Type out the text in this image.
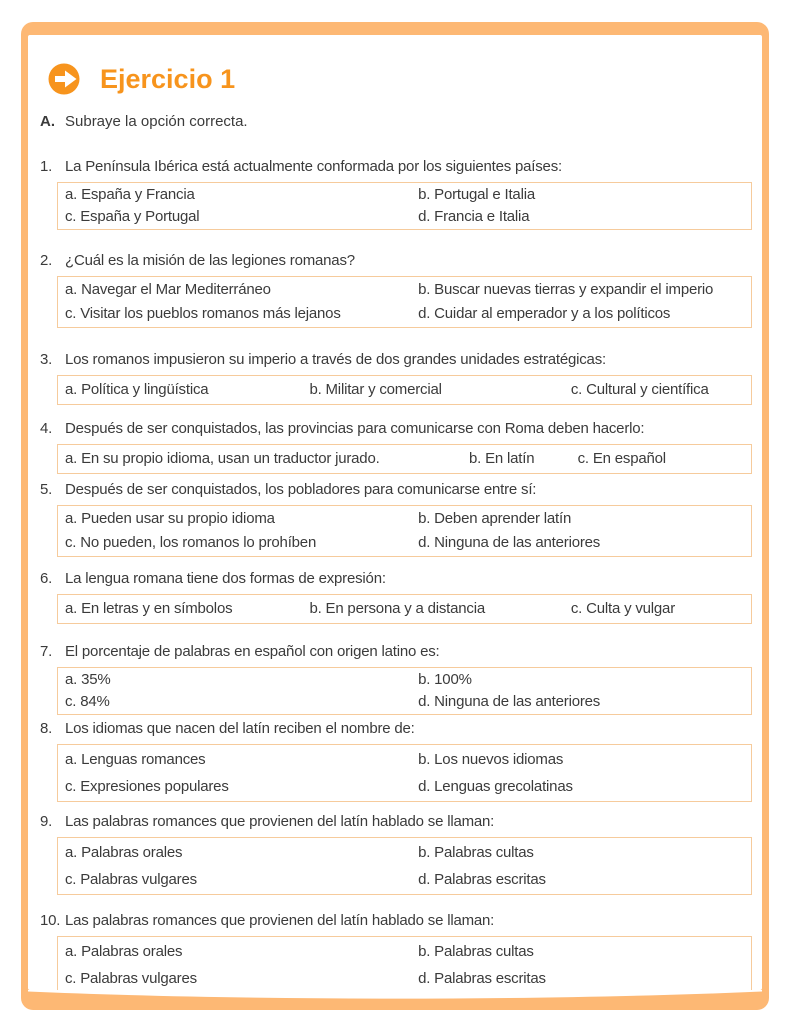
Ejercicio 1
A. Subraye la opción correcta.
1. La Península Ibérica está actualmente conformada por los siguientes países:
a. España y Francia	b. Portugal e Italia
c. España y Portugal	d. Francia e Italia
2. ¿Cuál es la misión de las legiones romanas?
a. Navegar el Mar Mediterráneo	b. Buscar nuevas tierras y expandir el imperio
c. Visitar los pueblos romanos más lejanos	d. Cuidar al emperador y a los políticos
3. Los romanos impusieron su imperio a través de dos grandes unidades estratégicas:
a. Política y lingüística	b. Militar y comercial	c. Cultural y científica
4. Después de ser conquistados, las provincias para comunicarse con Roma deben hacerlo:
a. En su propio idioma, usan un traductor jurado.	b. En latín	c. En español
5. Después de ser conquistados, los pobladores para comunicarse entre sí:
a. Pueden usar su propio idioma	b. Deben aprender latín
c. No pueden, los romanos lo prohíben	d. Ninguna de las anteriores
6. La lengua romana tiene dos formas de expresión:
a. En letras y en símbolos	b. En persona y a distancia	c. Culta y vulgar
7. El porcentaje de palabras en español con origen latino es:
a. 35%	b. 100%
c. 84%	d. Ninguna de las anteriores
8. Los idiomas que nacen del latín reciben el nombre de:
a. Lenguas romances	b. Los nuevos idiomas
c. Expresiones populares	d. Lenguas grecolatinas
9. Las palabras romances que provienen del latín hablado se llaman:
a. Palabras orales	b. Palabras cultas
c. Palabras vulgares	d. Palabras escritas
10. Las palabras romances que provienen del latín hablado se llaman:
a. Palabras orales	b. Palabras cultas
c. Palabras vulgares	d. Palabras escritas
